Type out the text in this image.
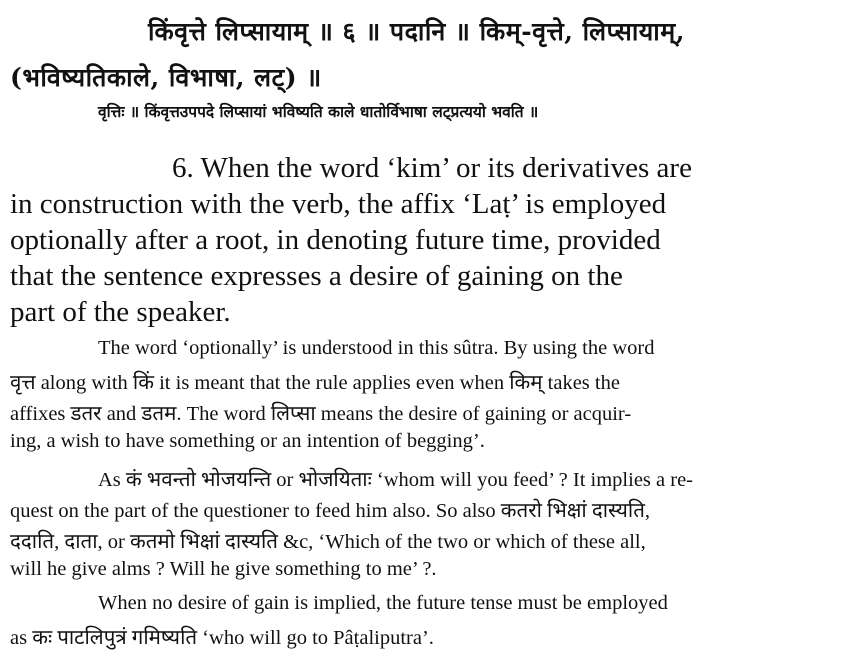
किंवृत्ते लिप्सायाम् ॥ ६ ॥ पदानि ॥ किम्-वृत्ते, लिप्सायाम्,
(भविष्यतिकाले, विभाषा, लट्) ॥
वृत्तिः ॥ किंवृत्तउपपदे लिप्सायां भविष्यति काले धातोर्विभाषा लट्प्रत्ययो भवति ॥
6. When the word ‘kim’ or its derivatives are
in construction with the verb, the affix ‘Laṭ’ is employed
optionally after a root, in denoting future time, provided
that the sentence expresses a desire of gaining on the
part of the speaker.
The word ‘optionally’ is understood in this sûtra. By using the word
वृत्त along with किं it is meant that the rule applies even when किम् takes the
affixes डतर and डतम. The word लिप्सा means the desire of gaining or acquir-
ing, a wish to have something or an intention of begging’.
As कं भवन्तो भोजयन्ति or भोजयिताः ‘whom will you feed’ ? It implies a re-
quest on the part of the questioner to feed him also. So also कतरो भिक्षां दास्यति,
ददाति, दाता, or कतमो भिक्षां दास्यति &c, ‘Which of the two or which of these all,
will he give alms ? Will he give something to me’ ?.
When no desire of gain is implied, the future tense must be employed
as कः पाटलिपुत्रं गमिष्यति ‘who will go to Pâṭaliputra’.
